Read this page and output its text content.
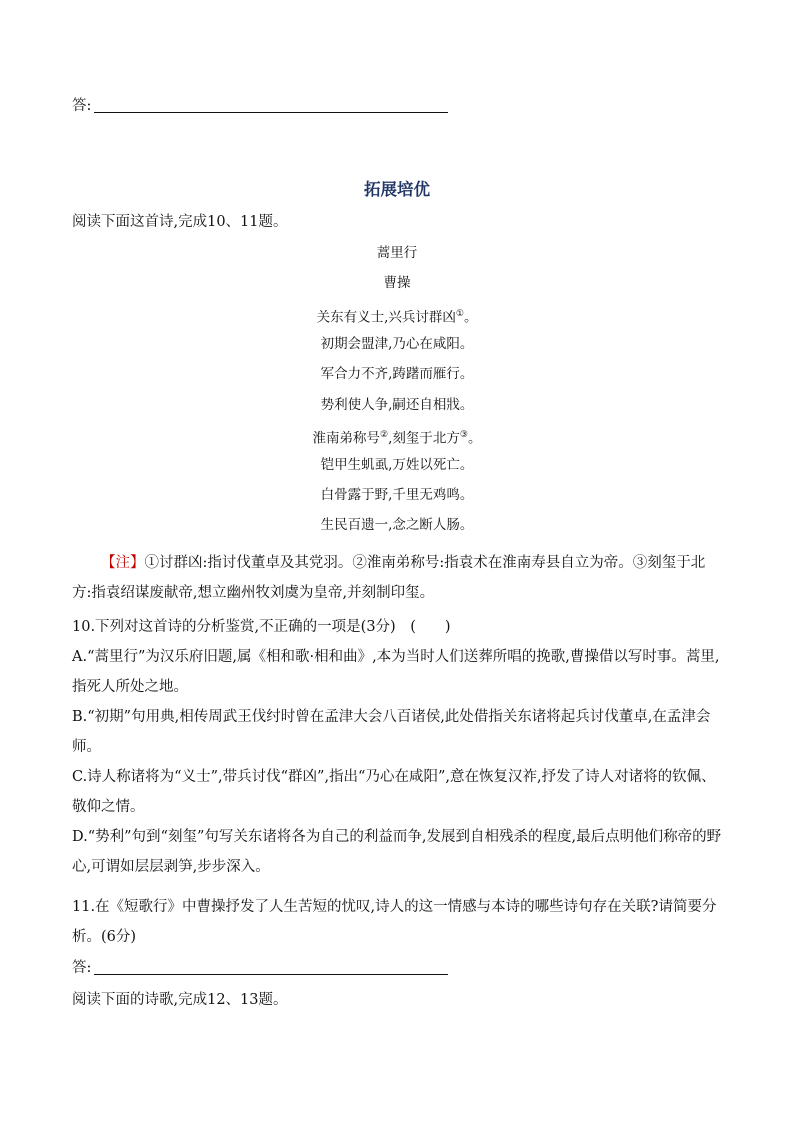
答:
拓展培优
阅读下面这首诗,完成10、11题。
蒿里行
曹操
关东有义士,兴兵讨群凶①。
初期会盟津,乃心在咸阳。
军合力不齐,踌躇而雁行。
势利使人争,嗣还自相戕。
淮南弟称号②,刻玺于北方③。
铠甲生虮虱,万姓以死亡。
白骨露于野,千里无鸡鸣。
生民百遗一,念之断人肠。
【注】①讨群凶:指讨伐董卓及其党羽。②淮南弟称号:指袁术在淮南寿县自立为帝。③刻玺于北方:指袁绍谋废献帝,想立幽州牧刘虞为皇帝,并刻制印玺。
10.下列对这首诗的分析鉴赏,不正确的一项是(3分)　(　　)
A.“蒿里行”为汉乐府旧题,属《相和歌·相和曲》,本为当时人们送葬所唱的挽歌,曹操借以写时事。蒿里,指死人所处之地。
B.“初期”句用典,相传周武王伐纣时曾在孟津大会八百诸侯,此处借指关东诸将起兵讨伐董卓,在孟津会师。
C.诗人称诸将为“义士”,带兵讨伐“群凶”,指出“乃心在咸阳”,意在恢复汉祚,抒发了诗人对诸将的钦佩、敬仰之情。
D.“势利”句到“刻玺”句写关东诸将各为自己的利益而争,发展到自相残杀的程度,最后点明他们称帝的野心,可谓如层层剥笋,步步深入。
11.在《短歌行》中曹操抒发了人生苦短的忧叹,诗人的这一情感与本诗的哪些诗句存在关联?请简要分析。(6分)
答:
阅读下面的诗歌,完成12、13题。
